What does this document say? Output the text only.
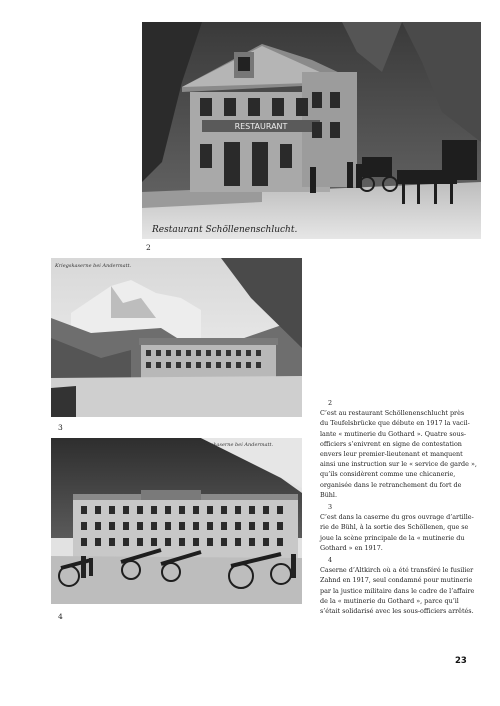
RESTAURANT
Restaurant Schöllenenschlucht.
2
Kriegskaserne bei Andermatt.
3
Friedenskaserne bei Andermatt.
4
2
C’est au restaurant Schöllenenschlucht près
du Teufelsbrücke que débute en 1917 la vacil-
lante « mutinerie du Gothard ». Quatre sous-
officiers s’enivrent en signe de contestation
envers leur premier-lieutenant et manquent
ainsi une instruction sur le « service de garde »,
qu’ils considèrent comme une chicanerie,
organisée dans le retranchement du fort de
Bühl.
3
C’est dans la caserne du gros ouvrage d’artille-
rie de Bühl, à la sortie des Schöllenen, que se
joue la scène principale de la « mutinerie du
Gothard » en 1917.
4
Caserne d’Altkirch où a été transféré le fusilier
Zahnd en 1917, seul condamné pour mutinerie
par la justice militaire dans le cadre de l’affaire
de la « mutinerie du Gothard », parce qu’il
s’était solidarisé avec les sous-officiers arrêtés.
23
